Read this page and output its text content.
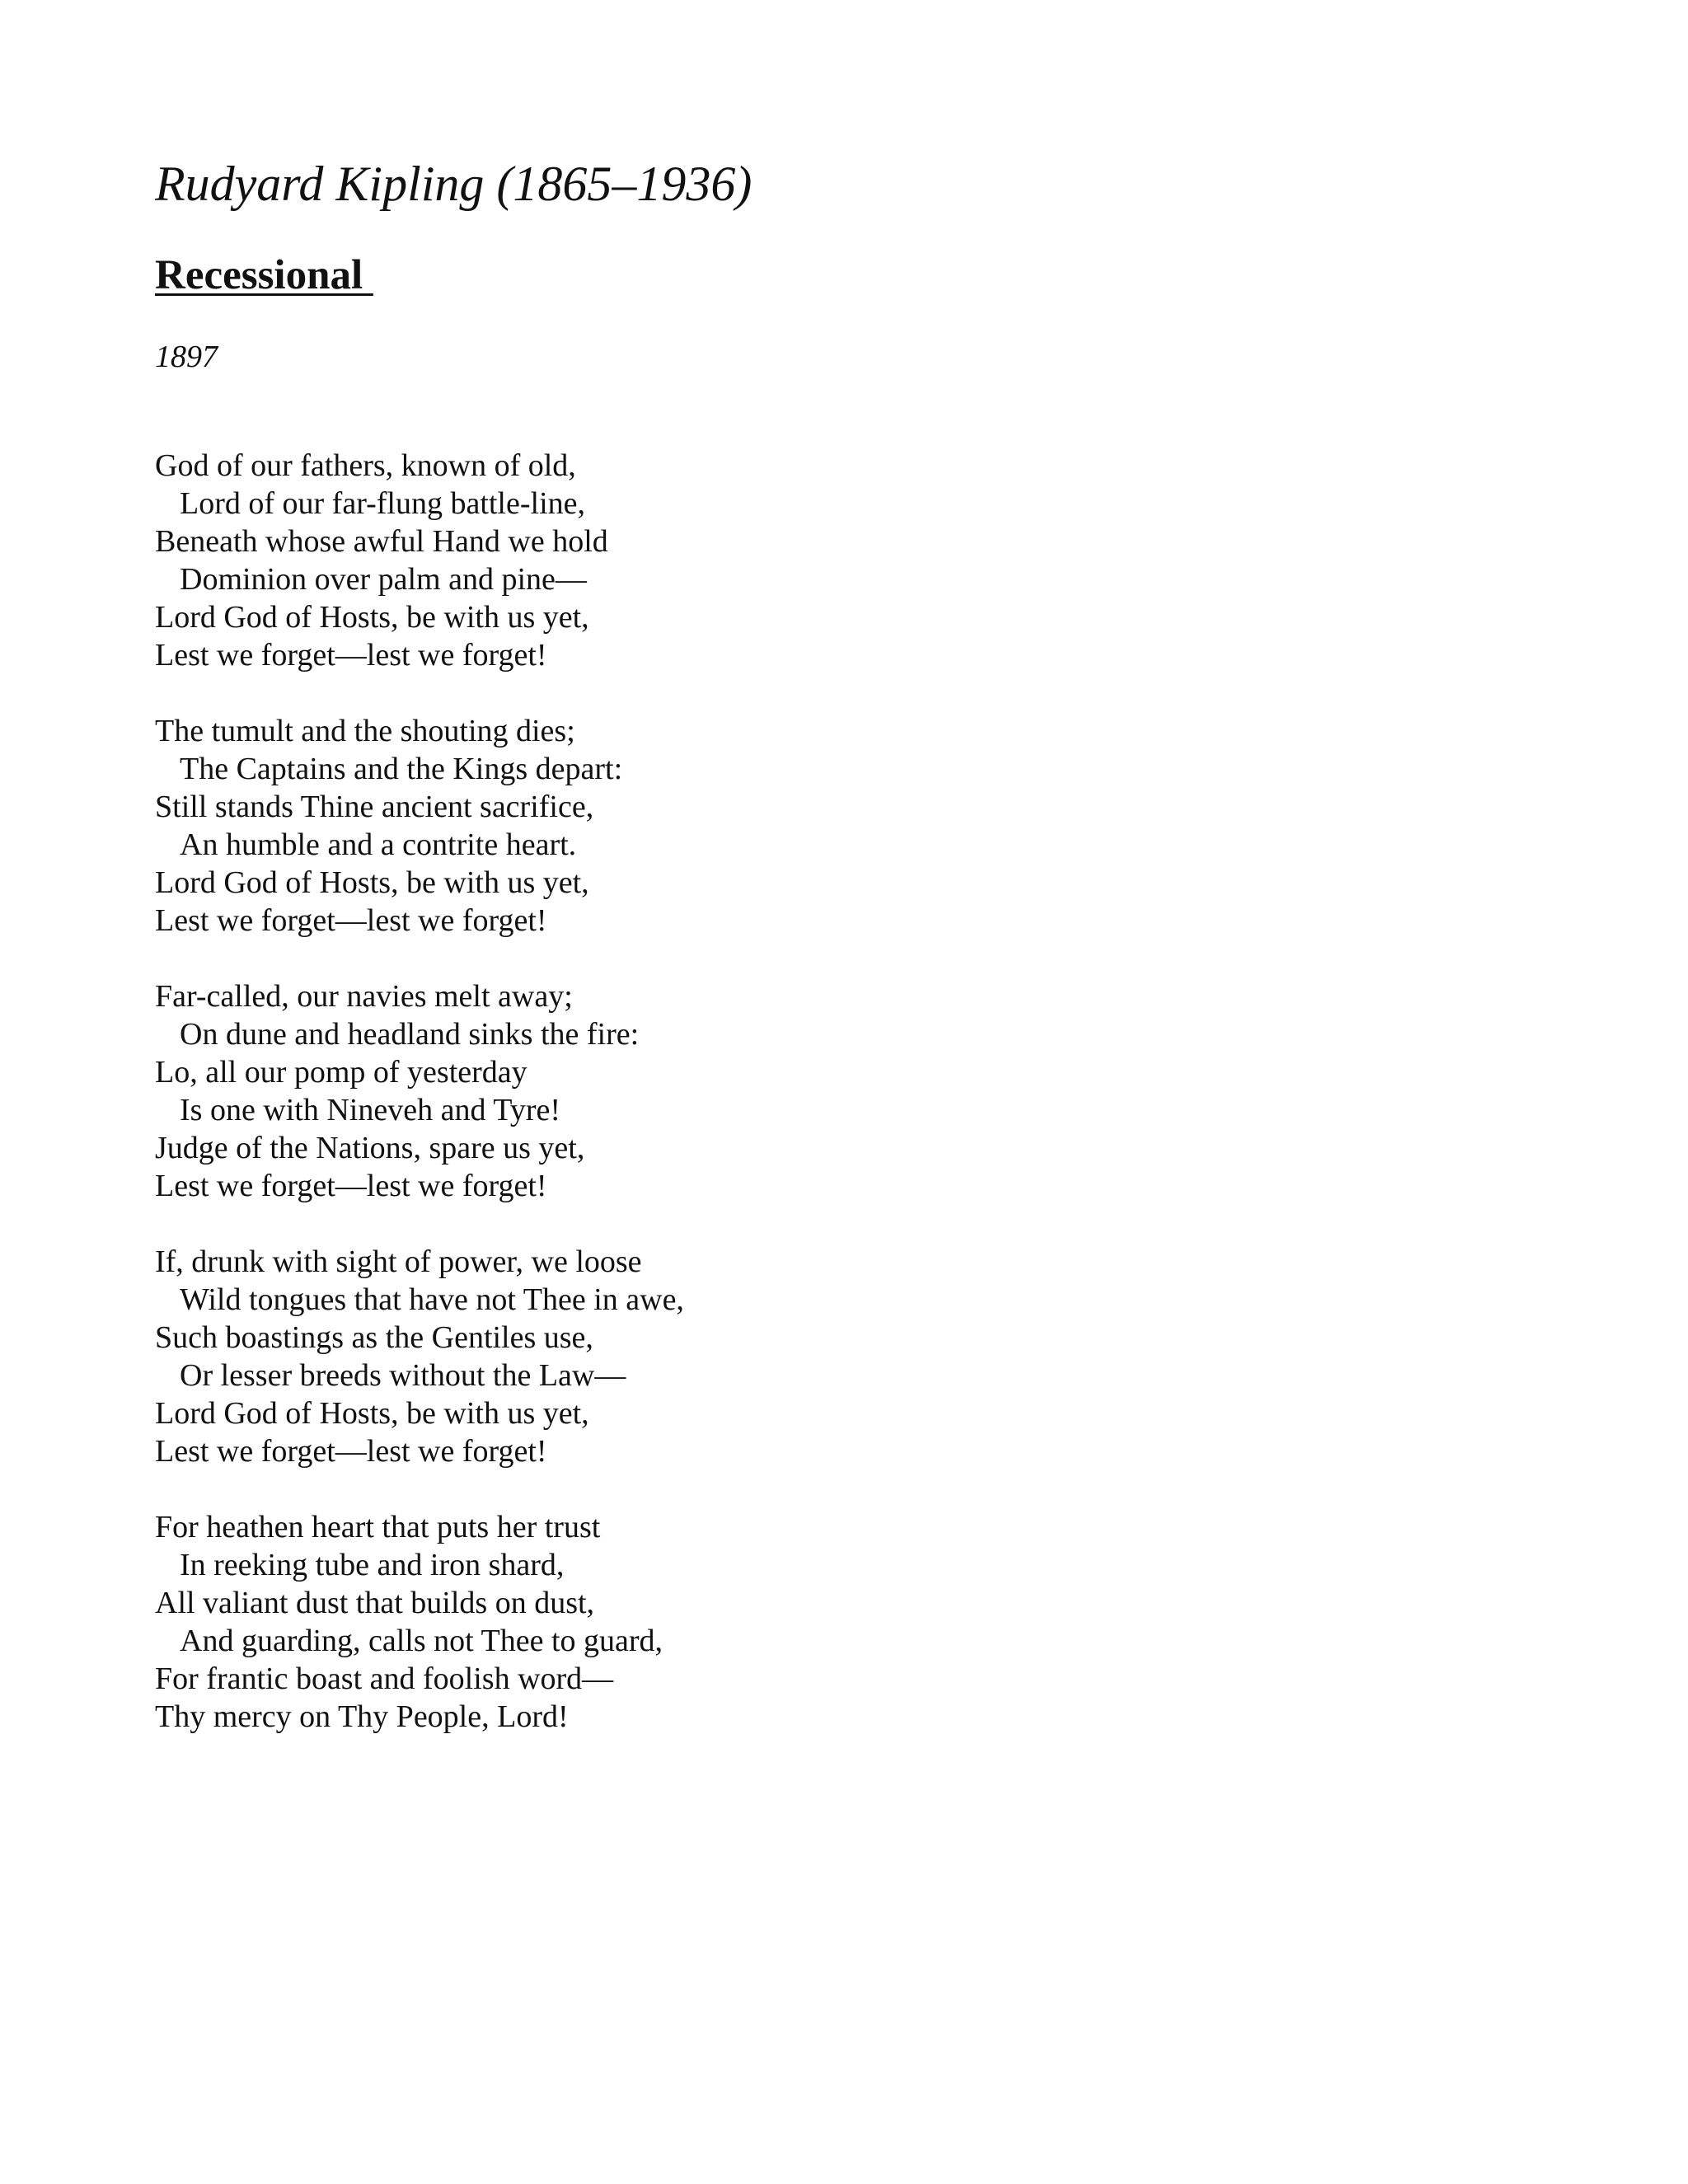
Rudyard Kipling (1865–1936)
Recessional
1897
God of our fathers, known of old,
Lord of our far-flung battle-line,
Beneath whose awful Hand we hold
Dominion over palm and pine—
Lord God of Hosts, be with us yet,
Lest we forget—lest we forget!
The tumult and the shouting dies;
The Captains and the Kings depart:
Still stands Thine ancient sacrifice,
An humble and a contrite heart.
Lord God of Hosts, be with us yet,
Lest we forget—lest we forget!
Far-called, our navies melt away;
On dune and headland sinks the fire:
Lo, all our pomp of yesterday
Is one with Nineveh and Tyre!
Judge of the Nations, spare us yet,
Lest we forget—lest we forget!
If, drunk with sight of power, we loose
Wild tongues that have not Thee in awe,
Such boastings as the Gentiles use,
Or lesser breeds without the Law—
Lord God of Hosts, be with us yet,
Lest we forget—lest we forget!
For heathen heart that puts her trust
In reeking tube and iron shard,
All valiant dust that builds on dust,
And guarding, calls not Thee to guard,
For frantic boast and foolish word—
Thy mercy on Thy People, Lord!
